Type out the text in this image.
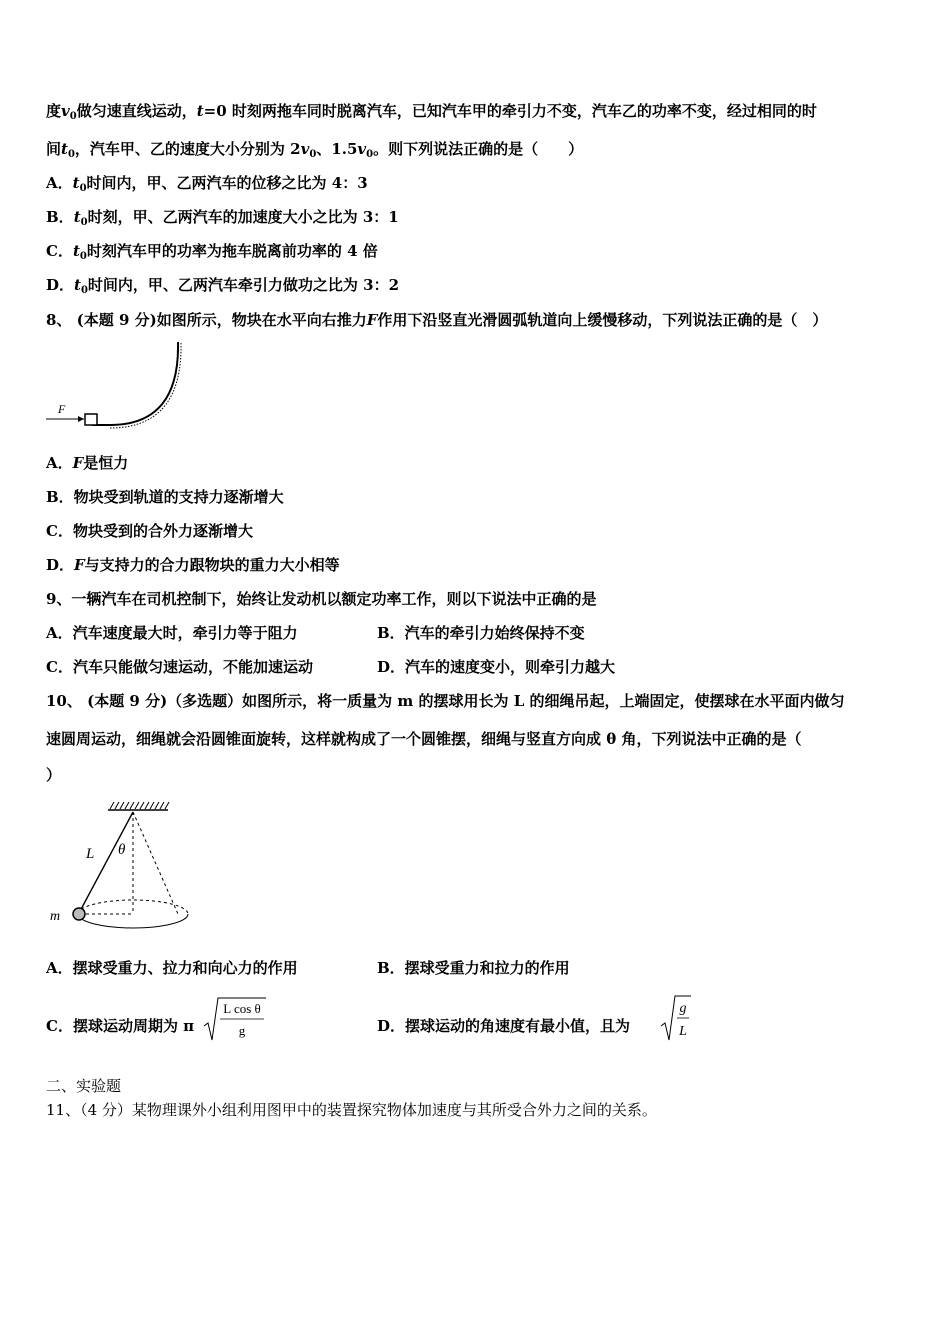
度$v_0$做匀速直线运动，t=0 时刻两拖车同时脱离汽车，已知汽车甲的牵引力不变，汽车乙的功率不变，经过相同的时
间$t_0$，汽车甲、乙的速度大小分别为 $2v_0$、$1.5v_0$。则下列说法正确的是（　　）
A．$t_0$时间内，甲、乙两汽车的位移之比为 4：3
B．$t_0$时刻，甲、乙两汽车的加速度大小之比为 3：1
C．$t_0$时刻汽车甲的功率为拖车脱离前功率的 4 倍
D．$t_0$时间内，甲、乙两汽车牵引力做功之比为 3：2
8、 (本题 9 分)如图所示，物块在水平向右推力F作用下沿竖直光滑圆弧轨道向上缓慢移动，下列说法正确的是（　）
F
A．F是恒力
B．物块受到轨道的支持力逐渐增大
C．物块受到的合外力逐渐增大
D．F与支持力的合力跟物块的重力大小相等
9、一辆汽车在司机控制下，始终让发动机以额定功率工作，则以下说法中正确的是
A．汽车速度最大时，牵引力等于阻力	B．汽车的牵引力始终保持不变
C．汽车只能做匀速运动，不能加速运动	D．汽车的速度变小，则牵引力越大
10、 (本题 9 分)（多选题）如图所示，将一质量为 m 的摆球用长为 L 的细绳吊起，上端固定，使摆球在水平面内做匀
速圆周运动，细绳就会沿圆锥面旋转，这样就构成了一个圆锥摆，细绳与竖直方向成 θ 角，下列说法中正确的是（
）
L θ
m
A．摆球受重力、拉力和向心力的作用	B．摆球受重力和拉力的作用
C．摆球运动周期为 π
L cos θ
g	D．摆球运动的角速度有最小值，且为
g
L
二、实验题
11、（4 分）某物理课外小组利用图甲中的装置探究物体加速度与其所受合外力之间的关系。
